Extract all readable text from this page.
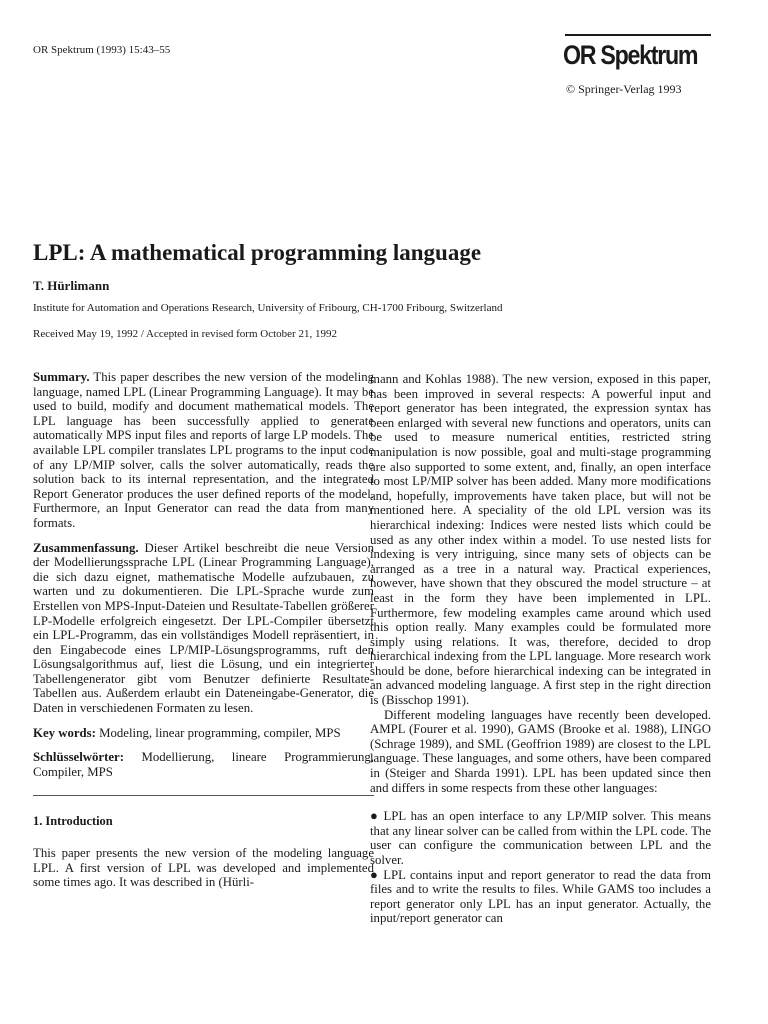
OR Spektrum (1993) 15:43–55	OR Spektrum
© Springer-Verlag 1993
LPL: A mathematical programming language
T. Hürlimann
Institute for Automation and Operations Research, University of Fribourg, CH-1700 Fribourg, Switzerland
Received May 19, 1992 / Accepted in revised form October 21, 1992

Summary. This paper describes the new version of the modeling language, named LPL (Linear Programming Language). It may be used to build, modify and document mathematical models. The LPL language has been successfully applied to generate automatically MPS input files and reports of large LP models. The available LPL compiler translates LPL programs to the input code of any LP/MIP solver, calls the solver automatically, reads the solution back to its internal representation, and the integrated Report Generator produces the user defined reports of the model. Furthermore, an Input Generator can read the data from many formats.

Zusammenfassung. Dieser Artikel beschreibt die neue Version der Modellierungssprache LPL (Linear Programming Language), die sich dazu eignet, mathematische Modelle aufzubauen, zu warten und zu dokumentieren. Die LPL-Sprache wurde zum Erstellen von MPS-Input-Dateien und Resultate-Tabellen größerer LP-Modelle erfolgreich eingesetzt. Der LPL-Compiler übersetzt ein LPL-Programm, das ein vollständiges Modell repräsentiert, in den Eingabecode eines LP/MIP-Lösungsprogramms, ruft den Lösungsalgorithmus auf, liest die Lösung, und ein integrierter Tabellengenerator gibt vom Benutzer definierte Resultate-Tabellen aus. Außerdem erlaubt ein Dateneingabe-Generator, die Daten in verschiedenen Formaten zu lesen.

Key words: Modeling, linear programming, compiler, MPS

Schlüsselwörter: Modellierung, lineare Programmierung, Compiler, MPS

1. Introduction

This paper presents the new version of the modeling language LPL. A first version of LPL was developed and implemented some times ago. It was described in (Hürli-

mann and Kohlas 1988). The new version, exposed in this paper, has been improved in several respects: A powerful input and report generator has been integrated, the expression syntax has been enlarged with several new functions and operators, units can be used to measure numerical entities, restricted string manipulation is now possible, goal and multi-stage programming are also supported to some extent, and, finally, an open interface to most LP/MIP solver has been added. Many more modifications and, hopefully, improvements have taken place, but will not be mentioned here. A speciality of the old LPL version was its hierarchical indexing: Indices were nested lists which could be used as any other index within a model. To use nested lists for indexing is very intriguing, since many sets of objects can be arranged as a tree in a natural way. Practical experiences, however, have shown that they obscured the model structure – at least in the form they have been implemented in LPL. Furthermore, few modeling examples came around which used this option really. Many examples could be formulated more simply using relations. It was, therefore, decided to drop hierarchical indexing from the LPL language. More research work should be done, before hierarchical indexing can be integrated in an advanced modeling language. A first step in the right direction is (Bisschop 1991).

Different modeling languages have recently been developed. AMPL (Fourer et al. 1990), GAMS (Brooke et al. 1988), LINGO (Schrage 1989), and SML (Geoffrion 1989) are closest to the LPL language. These languages, and some others, have been compared in (Steiger and Sharda 1991). LPL has been updated since then and differs in some respects from these other languages:

● LPL has an open interface to any LP/MIP solver. This means that any linear solver can be called from within the LPL code. The user can configure the communication between LPL and the solver.
● LPL contains input and report generator to read the data from files and to write the results to files. While GAMS too includes a report generator only LPL has an input generator. Actually, the input/report generator can
